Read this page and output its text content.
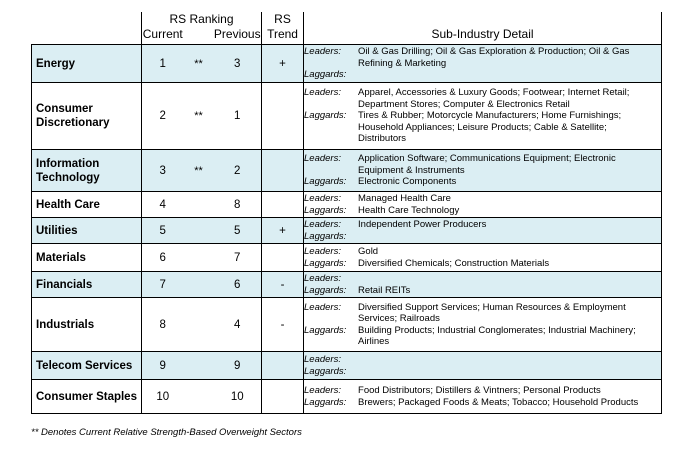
	RS Ranking			RS	
	Current		Previous	Trend	Sub-Industry Detail
Energy	1	**	3	+	Leaders: Oil & Gas Drilling; Oil & Gas Exploration & Production; Oil & Gas Refining & Marketing
Laggards:

Consumer Discretionary	2	**	1		Leaders: Apparel, Accessories & Luxury Goods; Footwear; Internet Retail; Department Stores; Computer & Electronics Retail
Laggards: Tires & Rubber; Motorcycle Manufacturers; Home Furnishings; Household Appliances; Leisure Products; Cable & Satellite; Distributors

Information Technology	3	**	2		Leaders: Application Software; Communications Equipment; Electronic Equipment & Instruments
Laggards: Electronic Components

Health Care	4		8		Leaders: Managed Health Care
Laggards: Health Care Technology

Utilities	5		5	+	Leaders: Independent Power Producers
Laggards:

Materials	6		7		Leaders: Gold
Laggards: Diversified Chemicals; Construction Materials

Financials	7		6	-	Leaders:
Laggards: Retail REITs

Industrials	8		4	-	Leaders: Diversified Support Services; Human Resources & Employment Services; Railroads
Laggards: Building Products; Industrial Conglomerates; Industrial Machinery; Airlines

Telecom Services	9		9		Leaders:
Laggards:

Consumer Staples	10		10		Leaders: Food Distributors; Distillers & Vintners; Personal Products
Laggards: Brewers; Packaged Foods & Meats; Tobacco; Household Products
** Denotes Current Relative Strength-Based Overweight Sectors
